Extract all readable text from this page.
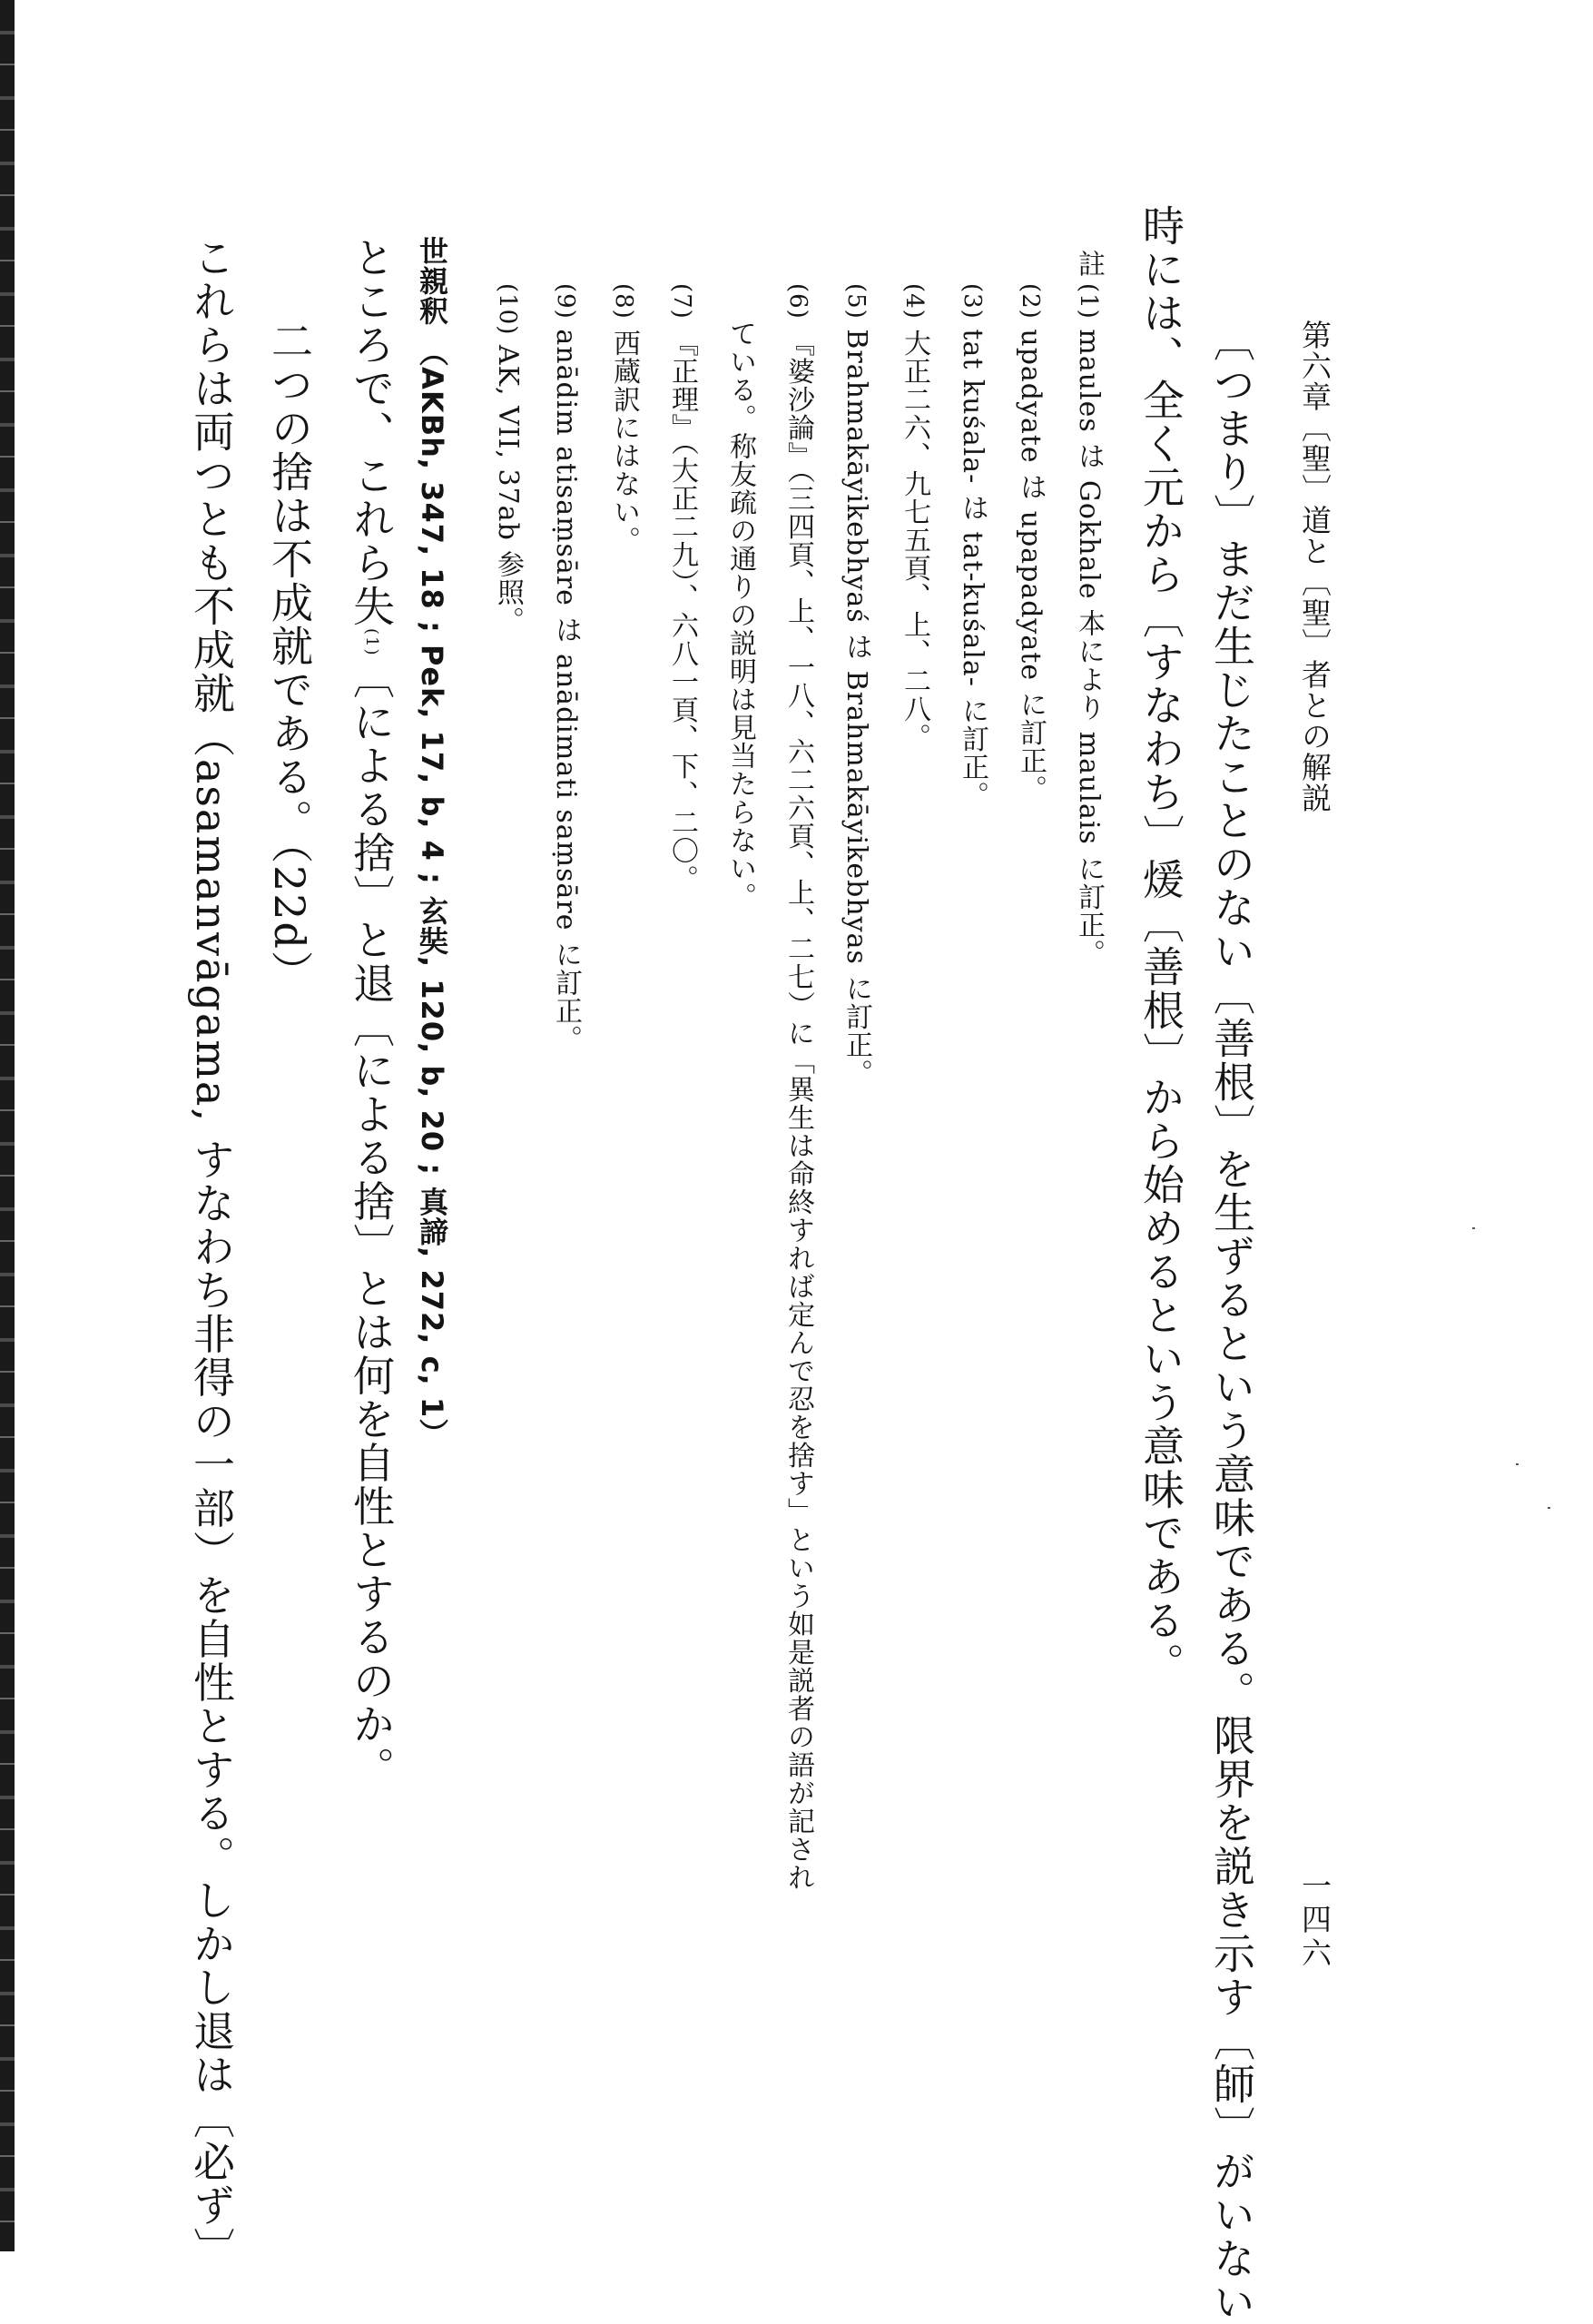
第六章〔聖〕道と〔聖〕者との解説

一四六

〔つまり〕まだ生じたことのない〔善根〕を生ずるという意味である。限界を説き示す〔師〕がいない

時には、全く元から〔すなわち〕煖〔善根〕から始めるという意味である。

註

(1) maules は Gokhale 本により maulais に訂正。

(2) upadyate は upapadyate に訂正。

(3) tat kuśala- は tat-kuśala- に訂正。

(4) 大正二六、九七五頁、上、二八。

(5) Brahmakāyikebhyaś は Brahmakāyikebhyas に訂正。

(6) 『婆沙論』（三四頁、上、一八、六二六頁、上、二七）に「異生は命終すれば定んで忍を捨す」という如是説者の語が記され

ている。称友疏の通りの説明は見当たらない。

(7) 『正理』（大正二九）、六八一頁、下、二〇。

(8) 西蔵訳にはない。

(9) anādim atisaṃsāre は anādimati saṃsāre に訂正。

(10) AK, VII, 37ab 参照。

世親釈 （AKBh, 347, 18 ; Pek, 17, b, 4 ; 玄奘, 120, b, 20 ; 真諦, 272, c, 1）

ところで、これら失(1)〔による捨〕と退〔による捨〕とは何を自性とするのか。

二つの捨は不成就である。（22d）

これらは両つとも不成就（asamanvāgama, すなわち非得の一部）を自性とする。しかし退は〔必ず〕
